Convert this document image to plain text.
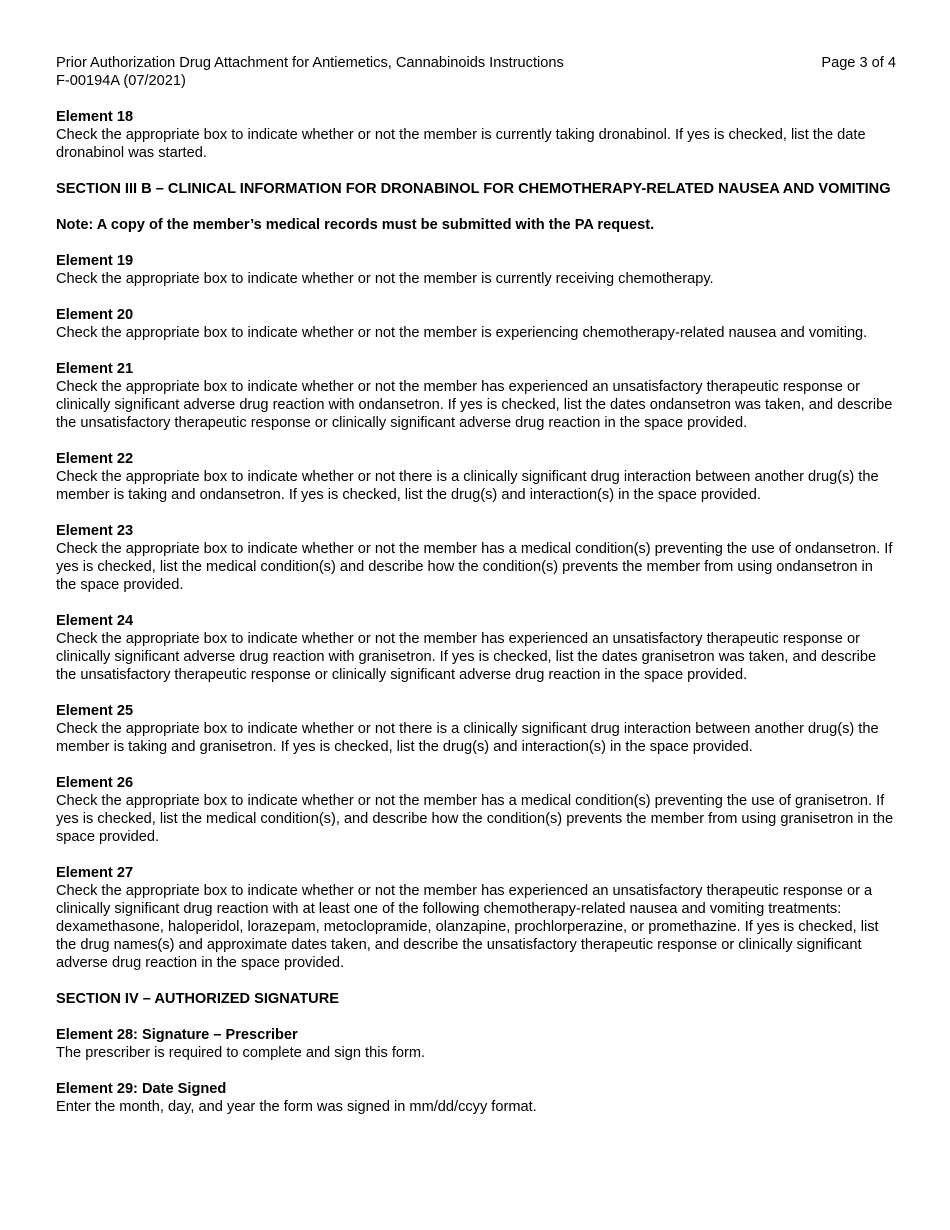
Prior Authorization Drug Attachment for Antiemetics, Cannabinoids Instructions
F-00194A (07/2021)
Page 3 of 4
Element 18
Check the appropriate box to indicate whether or not the member is currently taking dronabinol. If yes is checked, list the date dronabinol was started.
SECTION III B – CLINICAL INFORMATION FOR DRONABINOL FOR CHEMOTHERAPY-RELATED NAUSEA AND VOMITING
Note: A copy of the member’s medical records must be submitted with the PA request.
Element 19
Check the appropriate box to indicate whether or not the member is currently receiving chemotherapy.
Element 20
Check the appropriate box to indicate whether or not the member is experiencing chemotherapy-related nausea and vomiting.
Element 21
Check the appropriate box to indicate whether or not the member has experienced an unsatisfactory therapeutic response or clinically significant adverse drug reaction with ondansetron. If yes is checked, list the dates ondansetron was taken, and describe the unsatisfactory therapeutic response or clinically significant adverse drug reaction in the space provided.
Element 22
Check the appropriate box to indicate whether or not there is a clinically significant drug interaction between another drug(s) the member is taking and ondansetron. If yes is checked, list the drug(s) and interaction(s) in the space provided.
Element 23
Check the appropriate box to indicate whether or not the member has a medical condition(s) preventing the use of ondansetron. If yes is checked, list the medical condition(s) and describe how the condition(s) prevents the member from using ondansetron in the space provided.
Element 24
Check the appropriate box to indicate whether or not the member has experienced an unsatisfactory therapeutic response or clinically significant adverse drug reaction with granisetron. If yes is checked, list the dates granisetron was taken, and describe the unsatisfactory therapeutic response or clinically significant adverse drug reaction in the space provided.
Element 25
Check the appropriate box to indicate whether or not there is a clinically significant drug interaction between another drug(s) the member is taking and granisetron. If yes is checked, list the drug(s) and interaction(s) in the space provided.
Element 26
Check the appropriate box to indicate whether or not the member has a medical condition(s) preventing the use of granisetron. If yes is checked, list the medical condition(s), and describe how the condition(s) prevents the member from using granisetron in the space provided.
Element 27
Check the appropriate box to indicate whether or not the member has experienced an unsatisfactory therapeutic response or a clinically significant drug reaction with at least one of the following chemotherapy-related nausea and vomiting treatments: dexamethasone, haloperidol, lorazepam, metoclopramide, olanzapine, prochlorperazine, or promethazine. If yes is checked, list the drug names(s) and approximate dates taken, and describe the unsatisfactory therapeutic response or clinically significant adverse drug reaction in the space provided.
SECTION IV – AUTHORIZED SIGNATURE
Element 28: Signature – Prescriber
The prescriber is required to complete and sign this form.
Element 29: Date Signed
Enter the month, day, and year the form was signed in mm/dd/ccyy format.
